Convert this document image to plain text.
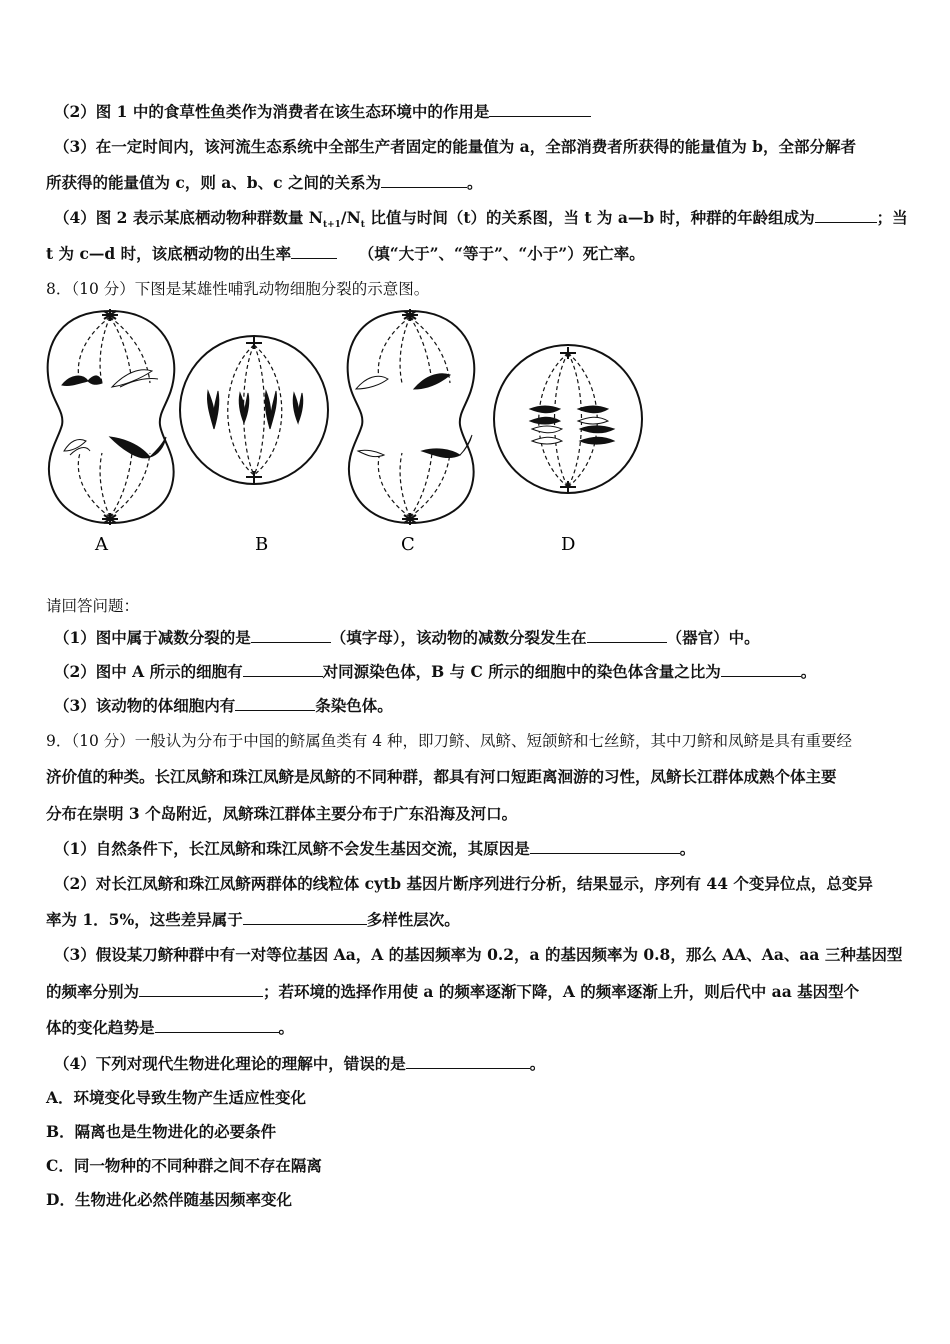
（2）图 1 中的食草性鱼类作为消费者在该生态环境中的作用是
（3）在一定时间内，该河流生态系统中全部生产者固定的能量值为 a，全部消费者所获得的能量值为 b，全部分解者
所获得的能量值为 c，则 a、b、c 之间的关系为	。
（4）图 2 表示某底栖动物种群数量 $N_{t+1}/N_t$ 比值与时间（t）的关系图，当 t 为 a—b 时，种群的年龄组成为	；当
t 为 c—d 时，该底栖动物的出生率	（填“大于”、“等于”、“小于”）死亡率。
8．（10 分）下图是某雄性哺乳动物细胞分裂的示意图。
A	B	C	D
请回答问题：
（1）图中属于减数分裂的是	（填字母），该动物的减数分裂发生在	（器官）中。
（2）图中 A 所示的细胞有	对同源染色体，B 与 C 所示的细胞中的染色体含量之比为	。
（3）该动物的体细胞内有	条染色体。
9．（10 分）一般认为分布于中国的鲚属鱼类有 4 种，即刀鲚、凤鲚、短颌鲚和七丝鲚，其中刀鲚和凤鲚是具有重要经
济价值的种类。长江凤鲚和珠江凤鲚是凤鲚的不同种群，都具有河口短距离洄游的习性，凤鲚长江群体成熟个体主要
分布在崇明 3 个岛附近，凤鲚珠江群体主要分布于广东沿海及河口。
（1）自然条件下，长江凤鲚和珠江凤鲚不会发生基因交流，其原因是	。
（2）对长江凤鲚和珠江凤鲚两群体的线粒体 cytb 基因片断序列进行分析，结果显示，序列有 44 个变异位点，总变异
率为 1．5%，这些差异属于	多样性层次。
（3）假设某刀鲚种群中有一对等位基因 Aa，A 的基因频率为 0.2，a 的基因频率为 0.8，那么 AA、Aa、aa 三种基因型
的频率分别为	；若环境的选择作用使 a 的频率逐渐下降，A 的频率逐渐上升，则后代中 aa 基因型个
体的变化趋势是	。
（4）下列对现代生物进化理论的理解中，错误的是	。
A．环境变化导致生物产生适应性变化
B．隔离也是生物进化的必要条件
C．同一物种的不同种群之间不存在隔离
D．生物进化必然伴随基因频率变化
